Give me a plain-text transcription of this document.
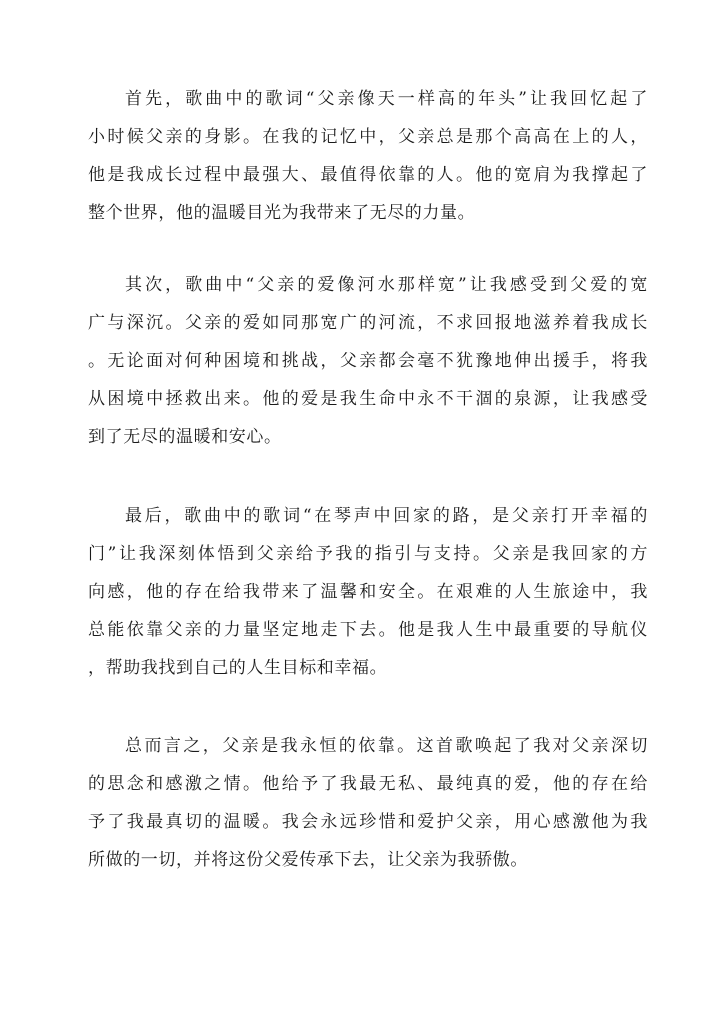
首先，歌曲中的歌词“父亲像天一样高的年头”让我回忆起了
小时候父亲的身影。在我的记忆中，父亲总是那个高高在上的人，
他是我成长过程中最强大、最值得依靠的人。他的宽肩为我撑起了
整个世界，他的温暖目光为我带来了无尽的力量。
其次，歌曲中“父亲的爱像河水那样宽”让我感受到父爱的宽
广与深沉。父亲的爱如同那宽广的河流，不求回报地滋养着我成长
。无论面对何种困境和挑战，父亲都会毫不犹豫地伸出援手，将我
从困境中拯救出来。他的爱是我生命中永不干涸的泉源，让我感受
到了无尽的温暖和安心。
最后，歌曲中的歌词“在琴声中回家的路，是父亲打开幸福的
门”让我深刻体悟到父亲给予我的指引与支持。父亲是我回家的方
向感，他的存在给我带来了温馨和安全。在艰难的人生旅途中，我
总能依靠父亲的力量坚定地走下去。他是我人生中最重要的导航仪
，帮助我找到自己的人生目标和幸福。
总而言之，父亲是我永恒的依靠。这首歌唤起了我对父亲深切
的思念和感激之情。他给予了我最无私、最纯真的爱，他的存在给
予了我最真切的温暖。我会永远珍惜和爱护父亲，用心感激他为我
所做的一切，并将这份父爱传承下去，让父亲为我骄傲。
